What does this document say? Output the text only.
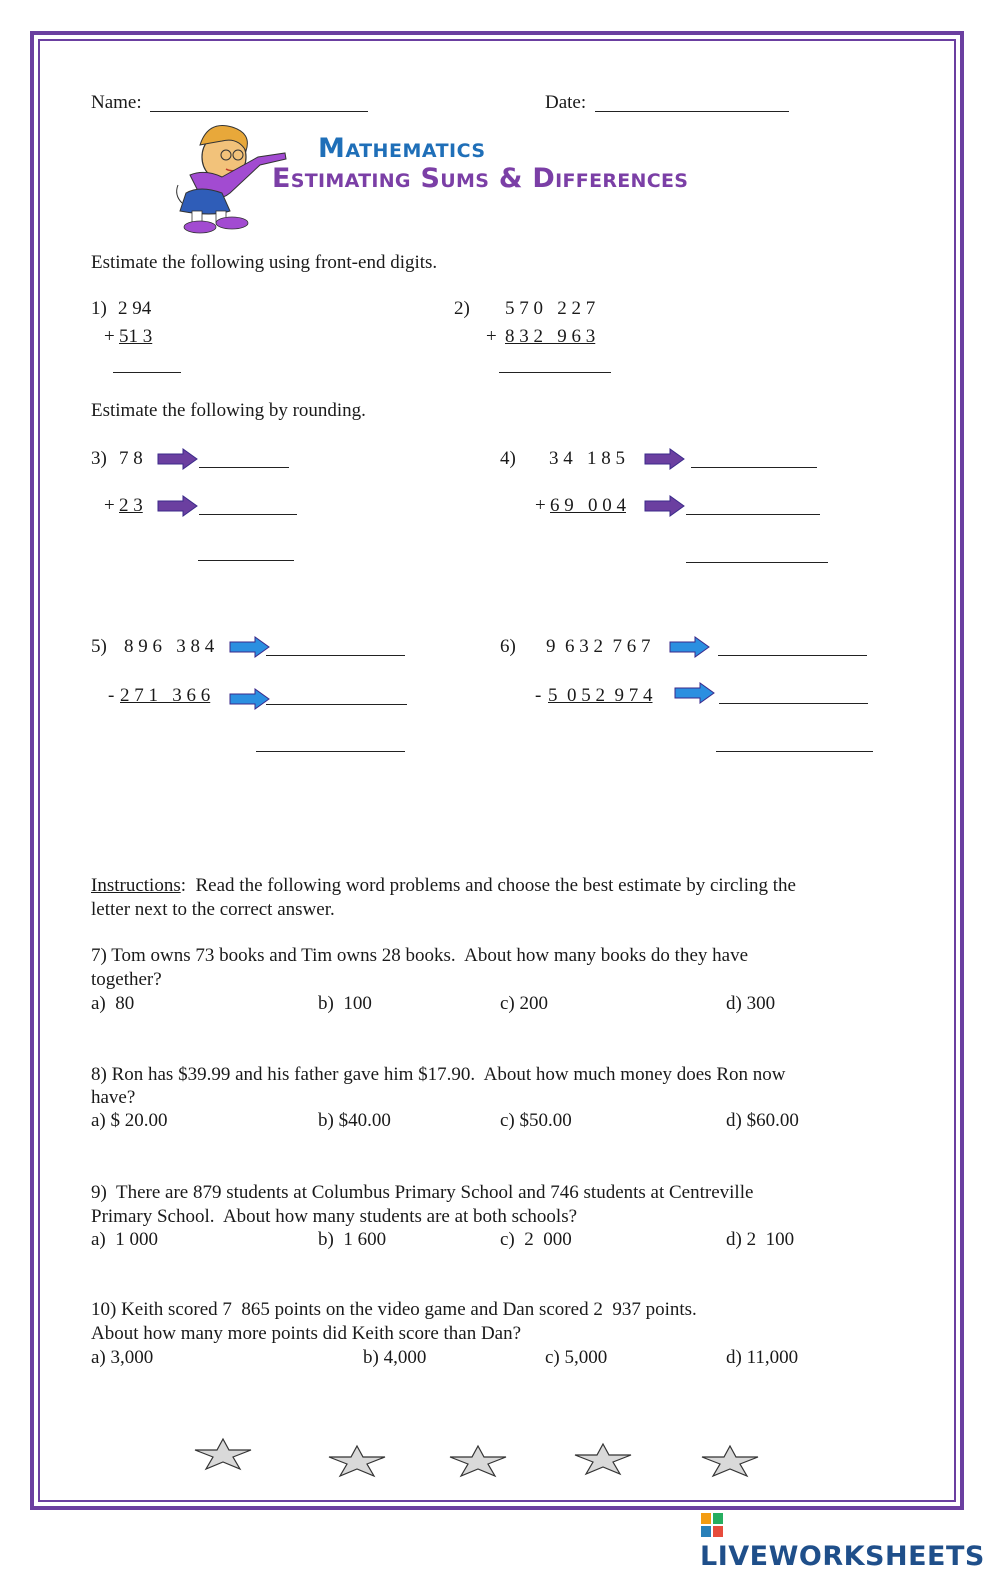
Name:	Date:
Mathematics
Estimating Sums & Differences
Estimate the following using front-end digits.
1) 2 94
+ 51 3
2) 5 7 0   2 2 7
+ 8 3 2   9 6 3
Estimate the following by rounding.
3) 7 8
+ 2 3
4) 3 4   1 8 5
+ 6 9   0 0 4
5) 8 9 6   3 8 4
- 2 7 1   3 6 6
6) 9  6 3 2  7 6 7
- 5  0 5 2  9 7 4
Instructions:  Read the following word problems and choose the best estimate by circling the
letter next to the correct answer.
7) Tom owns 73 books and Tim owns 28 books.  About how many books do they have
together?
a)  80	b)  100	c) 200	d) 300
8) Ron has $39.99 and his father gave him $17.90.  About how much money does Ron now
have?
a) $ 20.00	b) $40.00	c) $50.00	d) $60.00
9)  There are 879 students at Columbus Primary School and 746 students at Centreville
Primary School.  About how many students are at both schools?
a)  1 000	b)  1 600	c)  2  000	d) 2  100
10) Keith scored 7  865 points on the video game and Dan scored 2  937 points.
About how many more points did Keith score than Dan?
a) 3,000	b) 4,000	c) 5,000	d) 11,000
LIVEWORKSHEETS
